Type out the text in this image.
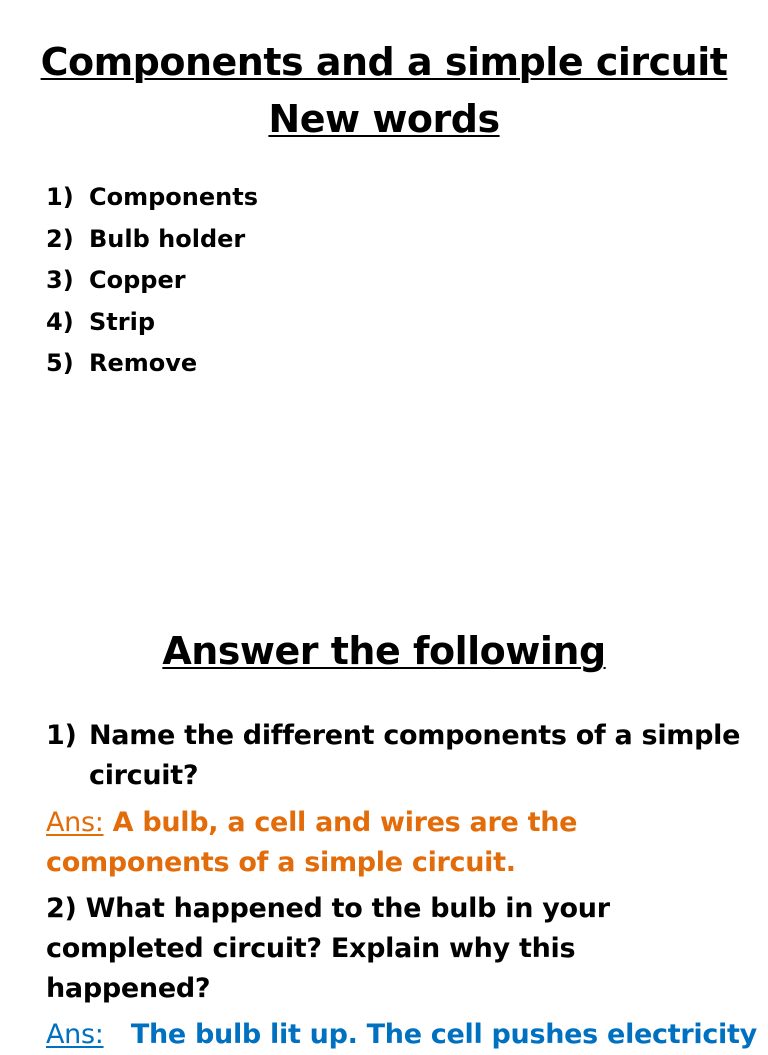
Components and a simple circuit
New words
1) Components
2) Bulb holder
3) Copper
4) Strip
5) Remove
Answer the following
1) Name the different components of a simple circuit?
Ans: A bulb, a cell and wires are the components of a simple circuit.
2) What happened to the bulb in your completed circuit? Explain why this happened?
Ans:   The bulb lit up. The cell pushes electricity
